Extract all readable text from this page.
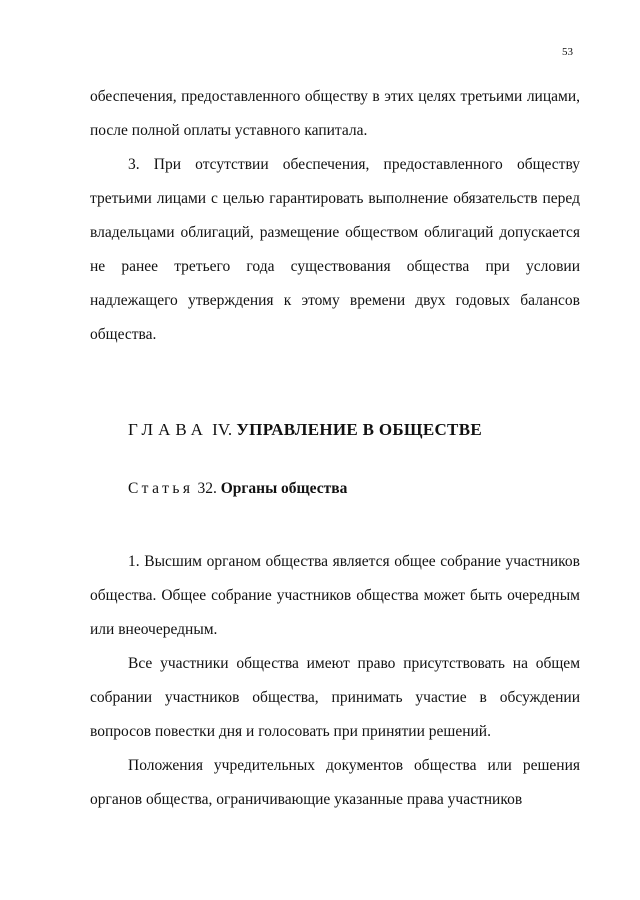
53

обеспечения, предоставленного обществу в этих целях третьими лицами, после полной оплаты уставного капитала.

3. При отсутствии обеспечения, предоставленного обществу третьими лицами с целью гарантировать выполнение обязательств перед владельцами облигаций, размещение обществом облигаций допускается не ранее третьего года существования общества при условии надлежащего утверждения к этому времени двух годовых балансов общества.

ГЛАВА IV. УПРАВЛЕНИЕ В ОБЩЕСТВЕ
Статья 32. Органы общества

1. Высшим органом общества является общее собрание участников общества. Общее собрание участников общества может быть очередным или внеочередным.

Все участники общества имеют право присутствовать на общем собрании участников общества, принимать участие в обсуждении вопросов повестки дня и голосовать при принятии решений.

Положения учредительных документов общества или решения органов общества, ограничивающие указанные права участников
